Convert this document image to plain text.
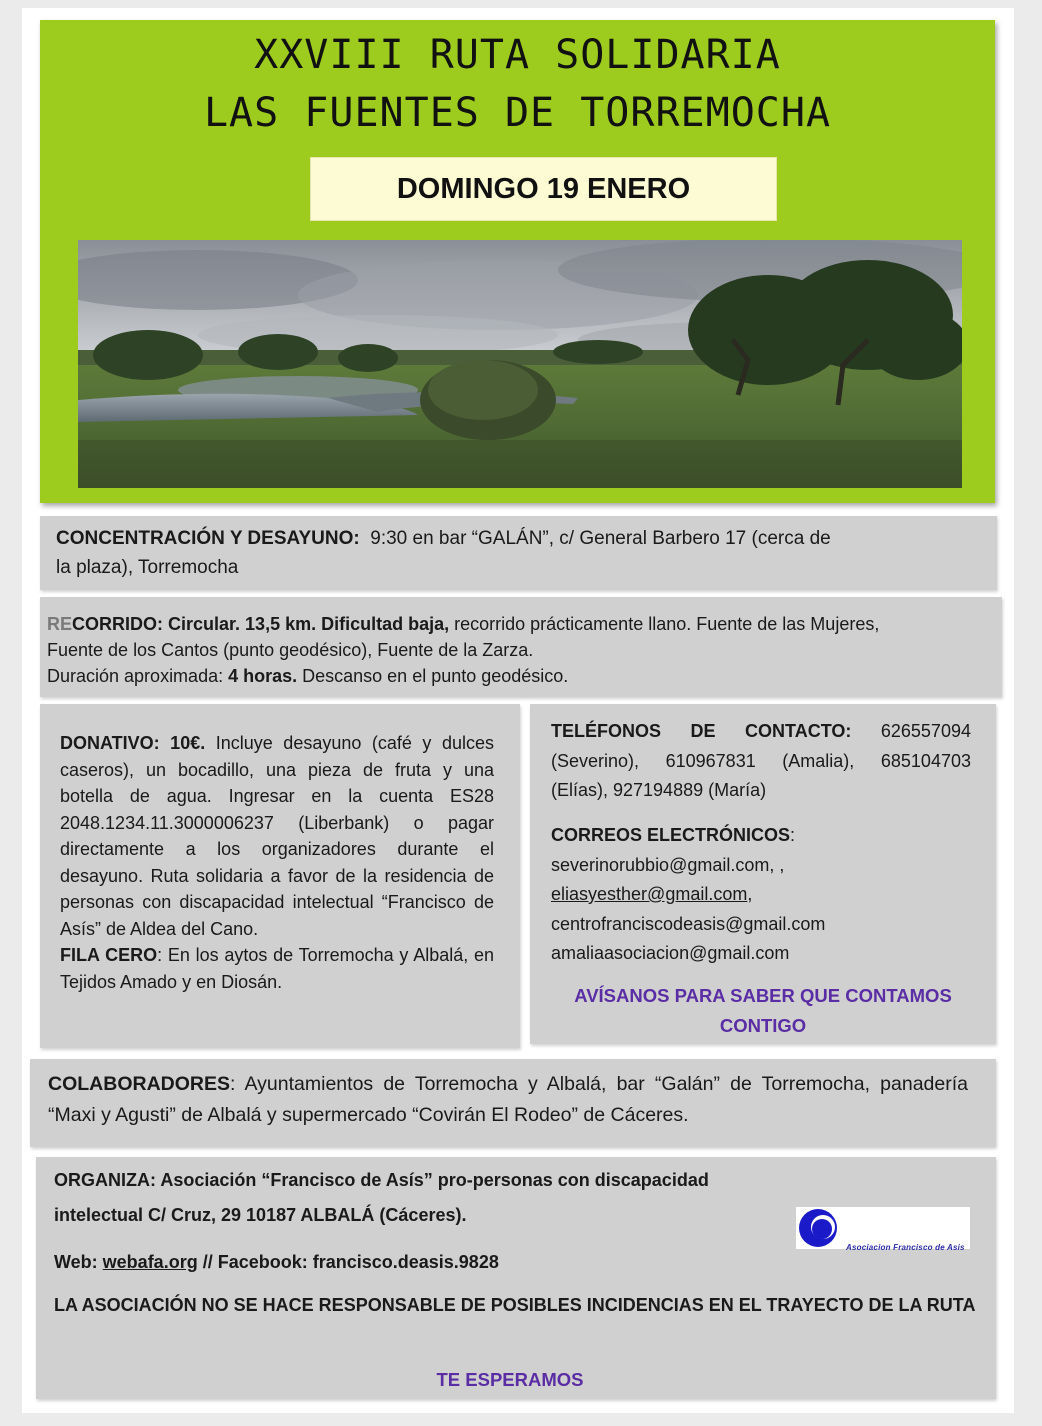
XXVIII RUTA SOLIDARIA
LAS FUENTES DE TORREMOCHA
DOMINGO 19 ENERO

CONCENTRACIÓN Y DESAYUNO: 9:30 en bar “GALÁN”, c/ General Barbero 17 (cerca de

la plaza), Torremocha

RECORRIDO: Circular. 13,5 km. Dificultad baja, recorrido prácticamente llano. Fuente de las Mujeres,

Fuente de los Cantos (punto geodésico), Fuente de la Zarza.

Duración aproximada: 4 horas. Descanso en el punto geodésico.

DONATIVO: 10€. Incluye desayuno (café y dulces caseros), un bocadillo, una pieza de fruta y una botella de agua. Ingresar en la cuenta ES28 2048.1234.11.3000006237 (Liberbank) o pagar directamente a los organizadores durante el desayuno. Ruta solidaria a favor de la residencia de personas con discapacidad intelectual “Francisco de Asís” de Aldea del Cano.
FILA CERO: En los aytos de Torremocha y Albalá, en Tejidos Amado y en Diosán.
TELÉFONOS DE CONTACTO: 626557094
(Severino), 610967831 (Amalia), 685104703
(Elías), 927194889 (María)
CORREOS ELECTRÓNICOS:
severinorubbio@gmail.com, ,
eliasyesther@gmail.com,
centrofranciscodeasis@gmail.com
amaliaasociacion@gmail.com
AVÍSANOS PARA SABER QUE CONTAMOS
CONTIGO
COLABORADORES: Ayuntamientos de Torremocha y Albalá, bar “Galán” de Torremocha, panadería “Maxi y Agusti” de Albalá y supermercado “Covirán El Rodeo” de Cáceres.
ORGANIZA: Asociación “Francisco de Asís” pro-personas con discapacidad
intelectual C/ Cruz, 29 10187 ALBALÁ (Cáceres).
Web: webafa.org // Facebook: francisco.deasis.9828
LA ASOCIACIÓN NO SE HACE RESPONSABLE DE POSIBLES INCIDENCIAS EN EL TRAYECTO DE LA RUTA
TE ESPERAMOS
Asociacion Francisco de Asis
